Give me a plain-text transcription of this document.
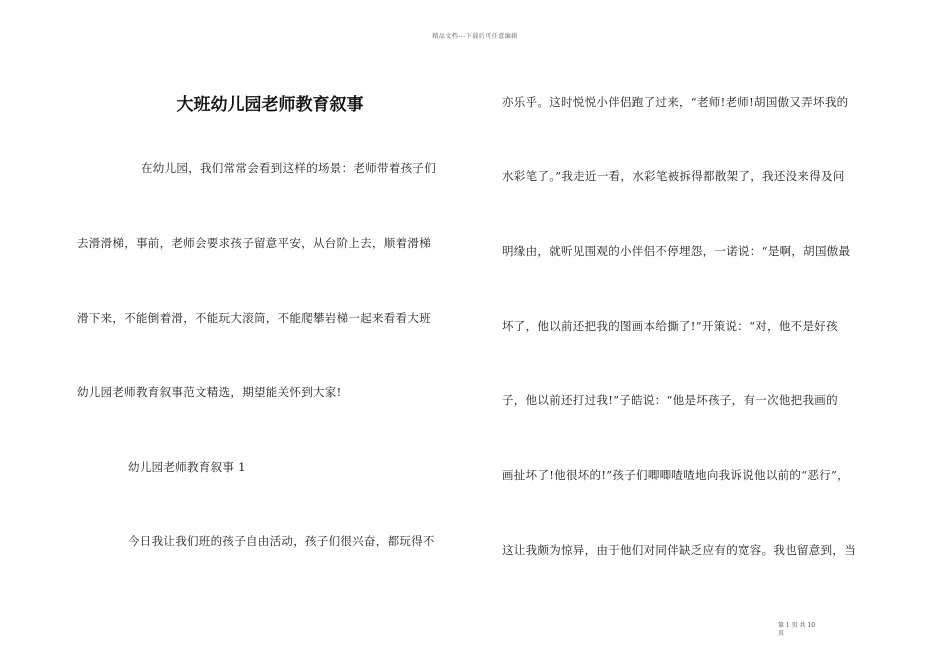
精品文档---下载后可任意编辑
大班幼儿园老师教育叙事
在幼儿园，我们常常会看到这样的场景：老师带着孩子们
去滑滑梯，事前，老师会要求孩子留意平安，从台阶上去，顺着滑梯
滑下来，不能倒着滑，不能玩大滚筒，不能爬攀岩梯一起来看看大班
幼儿园老师教育叙事范文精选，期望能关怀到大家!
幼儿园老师教育叙事 1
今日我让我们班的孩子自由活动，孩子们很兴奋，都玩得不
亦乐乎。这时悦悦小伴侣跑了过来，“老师!老师!胡国傲又弄坏我的
水彩笔了。”我走近一看，水彩笔被拆得都散架了，我还没来得及问
明缘由，就听见围观的小伴侣不停埋怨，一诺说：“是啊，胡国傲最
坏了，他以前还把我的图画本给撕了!”开策说：“对，他不是好孩
子，他以前还打过我!”子皓说：“他是坏孩子，有一次他把我画的
画扯坏了!他很坏的!”孩子们唧唧喳喳地向我诉说他以前的“恶行”，
这让我颇为惊异，由于他们对同伴缺乏应有的宽容。我也留意到，当
第 1 页 共 10
页
